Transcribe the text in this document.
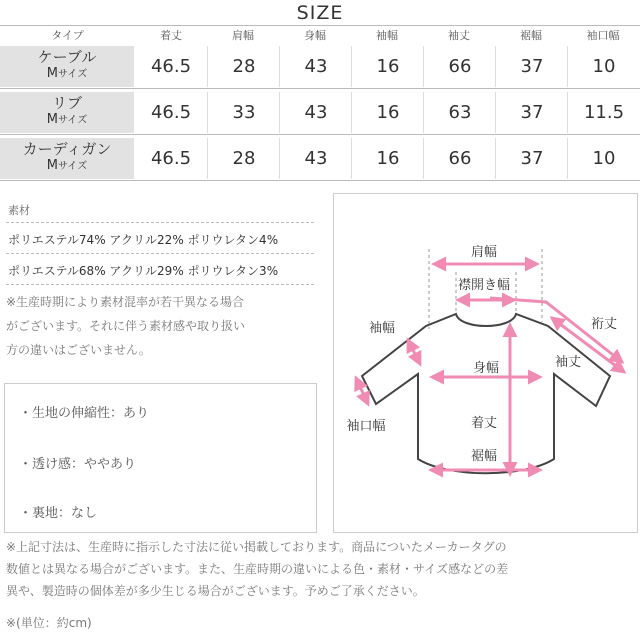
SIZE
タイプ	着丈	肩幅	身幅	袖幅	袖丈	裾幅	袖口幅
ケーブル
Mサイズ	46.5	28	43	16	66	37	10
リブ
Mサイズ	46.5	33	43	16	63	37	11.5
カーディガン
Mサイズ	46.5	28	43	16	66	37	10
素材
ポリエステル74% アクリル22% ポリウレタン4%
ポリエステル68% アクリル29% ポリウレタン3%
※生産時期により素材混率が若干異なる場合
がございます。それに伴う素材感や取り扱い
方の違いはございません。
・生地の伸縮性：あり
・透け感：ややあり
・裏地：なし
肩幅
襟開き幅
袖幅	裄丈
袖丈
身幅
袖口幅	着丈
裾幅
※上記寸法は、生産時に指示した寸法に従い掲載しております。商品についたメーカータグの
数値とは異なる場合がございます。また、生産時期の違いによる色・素材・サイズ感などの差
異や、製造時の個体差が多少生じる場合がございます。予めご了承ください。
※(単位：約cm)
